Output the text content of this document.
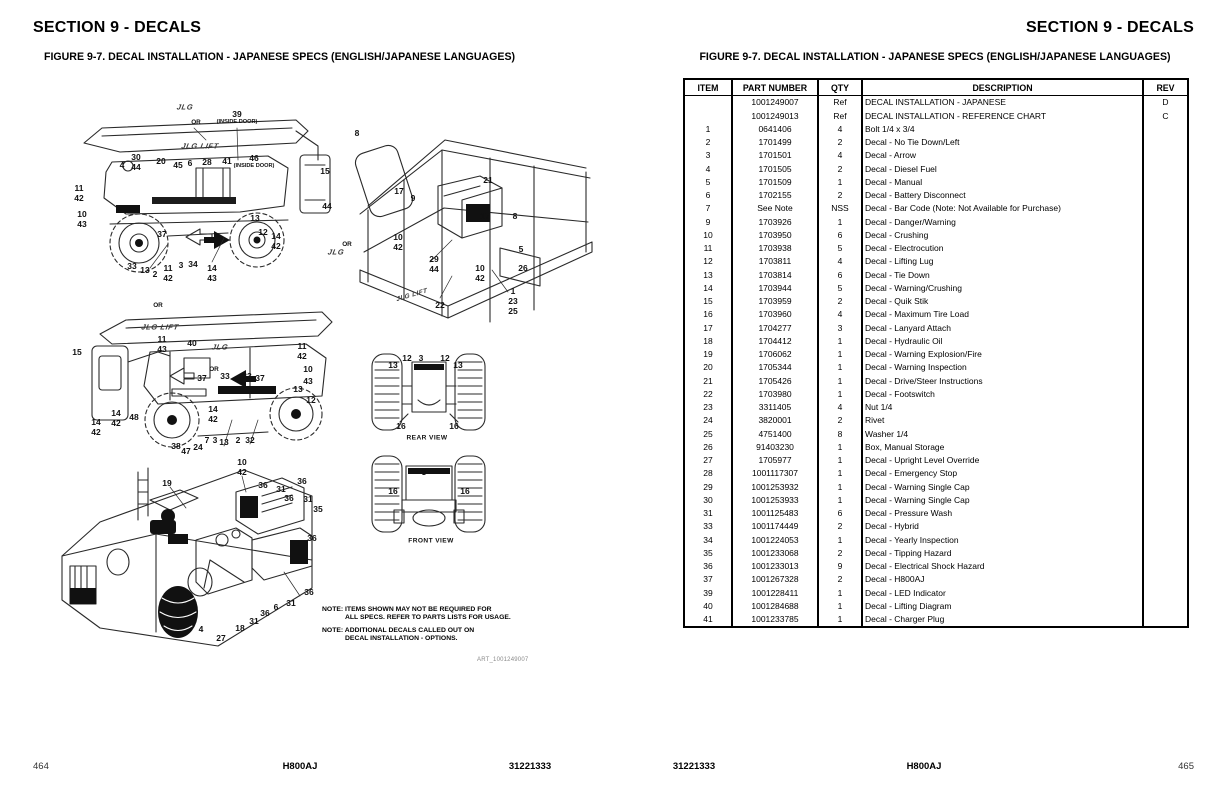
SECTION 9 - DECALS
FIGURE 9-7. DECAL INSTALLATION - JAPANESE SPECS (ENGLISH/JAPANESE LANGUAGES)
JLG
OR
39
(INSIDE DOOR)
JLG LIFT
4
30
44
20 45 6 28 41 46
(INSIDE DOOR)	15
11
42
10
43
37
13
12 14
42
33 13 2
11
42
3 34 14
43
44
8
OR
JLG
21
17
9
17	8
10
42
29
44	10
42
5
26
22
1
23
25
JLG LIFT
OR
JLG LIFT
15
11
43
40 JLG
OR
37 33 33 37
11
42
10
43
13
12
14
42
14
42
48
14
42
38 47 24
7 3 13 2 32
13
12 3 12
13
16	16
REAR VIEW
3
16	16
FRONT VIEW
10
42
19	36 31
36
36
31
35
36
36
31
6
36
31
18
27
4
NOTE: ITEMS SHOWN MAY NOT BE REQUIRED FOR
ALL SPECS. REFER TO PARTS LISTS FOR USAGE.
NOTE: ADDITIONAL DECALS CALLED OUT ON
DECAL INSTALLATION - OPTIONS.
ART_1001249007
464	H800AJ	31221333
SECTION 9 - DECALS
FIGURE 9-7. DECAL INSTALLATION - JAPANESE SPECS (ENGLISH/JAPANESE LANGUAGES)
ITEM	PART NUMBER	QTY	DESCRIPTION	REV
	1001249007	Ref	DECAL INSTALLATION - JAPANESE	D
	1001249013	Ref	DECAL INSTALLATION - REFERENCE CHART	C
1	0641406	4	Bolt 1/4 x 3/4	
2	1701499	2	Decal - No Tie Down/Left	
3	1701501	4	Decal - Arrow	
4	1701505	2	Decal - Diesel Fuel	
5	1701509	1	Decal - Manual	
6	1702155	2	Decal - Battery Disconnect	
7	See Note	NSS	Decal - Bar Code (Note: Not Available for Purchase)	
9	1703926	1	Decal - Danger/Warning	
10	1703950	6	Decal - Crushing	
11	1703938	5	Decal - Electrocution	
12	1703811	4	Decal - Lifting Lug	
13	1703814	6	Decal - Tie Down	
14	1703944	5	Decal - Warning/Crushing	
15	1703959	2	Decal - Quik Stik	
16	1703960	4	Decal - Maximum Tire Load	
17	1704277	3	Decal - Lanyard Attach	
18	1704412	1	Decal - Hydraulic Oil	
19	1706062	1	Decal - Warning Explosion/Fire	
20	1705344	1	Decal - Warning Inspection	
21	1705426	1	Decal - Drive/Steer Instructions	
22	1703980	1	Decal - Footswitch	
23	3311405	4	Nut 1/4	
24	3820001	2	Rivet	
25	4751400	8	Washer 1/4	
26	91403230	1	Box, Manual Storage	
27	1705977	1	Decal - Upright Level Override	
28	1001117307	1	Decal - Emergency Stop	
29	1001253932	1	Decal - Warning Single Cap	
30	1001253933	1	Decal - Warning Single Cap	
31	1001125483	6	Decal - Pressure Wash	
33	1001174449	2	Decal - Hybrid	
34	1001224053	1	Decal - Yearly Inspection	
35	1001233068	2	Decal - Tipping Hazard	
36	1001233013	9	Decal - Electrical Shock Hazard	
37	1001267328	2	Decal - H800AJ	
39	1001228411	1	Decal - LED Indicator	
40	1001284688	1	Decal - Lifting Diagram	
41	1001233785	1	Decal - Charger Plug	
31221333	H800AJ	465
